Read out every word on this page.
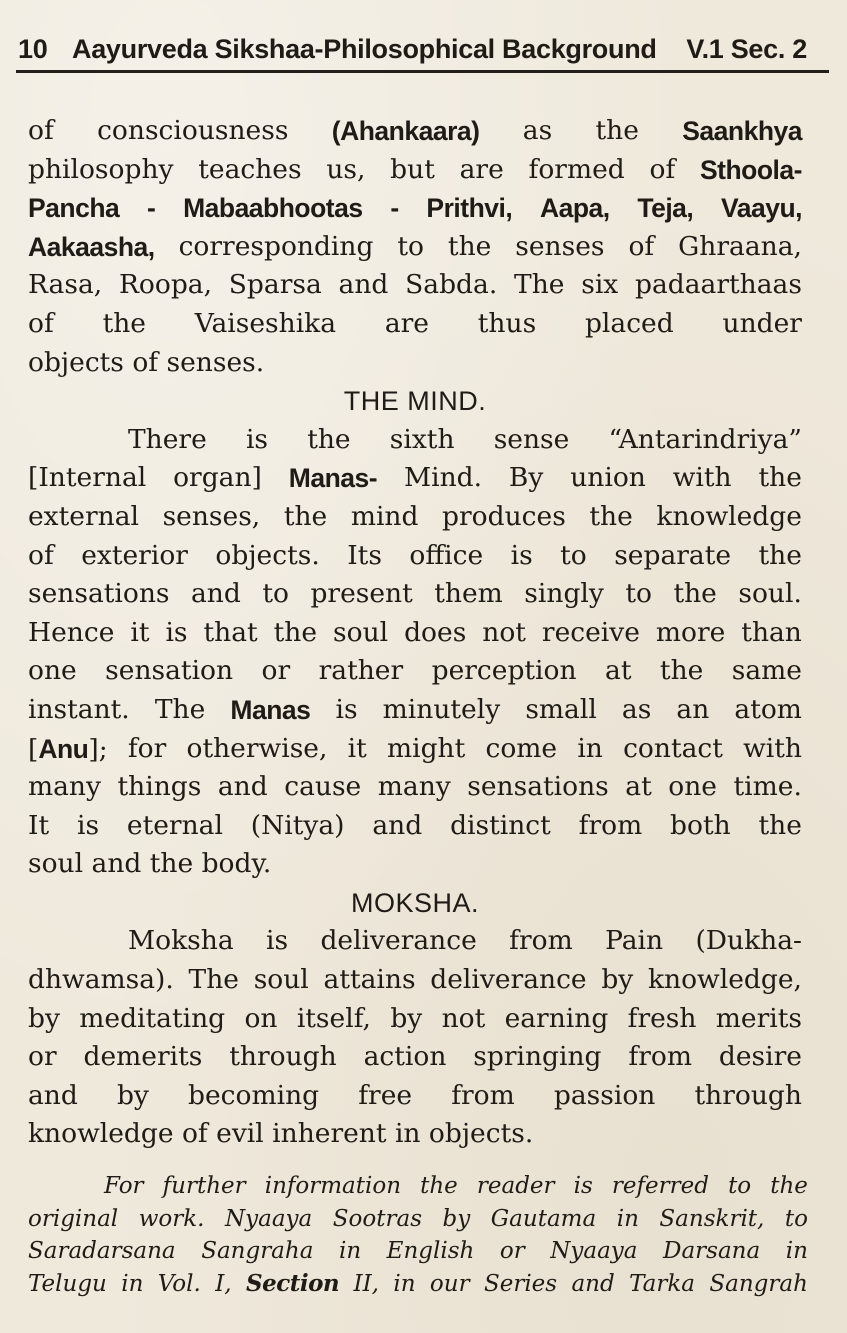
10 Aayurveda Sikshaa-Philosophical Background V.1 Sec. 2
of consciousness (Ahankaara) as the Saankhya
philosophy teaches us, but are formed of Sthoola-
Pancha - Mabaabhootas - Prithvi, Aapa, Teja, Vaayu,
Aakaasha, corresponding to the senses of Ghraana,
Rasa, Roopa, Sparsa and Sabda. The six padaarthaas
of the Vaiseshika are thus placed under
objects of senses.
THE MIND.
There is the sixth sense “Antarindriya”
[Internal organ] Manas- Mind. By union with the
external senses, the mind produces the knowledge
of exterior objects. Its office is to separate the
sensations and to present them singly to the soul.
Hence it is that the soul does not receive more than
one sensation or rather perception at the same
instant. The Manas is minutely small as an atom
[Anu]; for otherwise, it might come in contact with
many things and cause many sensations at one time.
It is eternal (Nitya) and distinct from both the
soul and the body.
MOKSHA.
Moksha is deliverance from Pain (Dukha-
dhwamsa). The soul attains deliverance by knowledge,
by meditating on itself, by not earning fresh merits
or demerits through action springing from desire
and by becoming free from passion through
knowledge of evil inherent in objects.
For further information the reader is referred to the
original work. Nyaaya Sootras by Gautama in Sanskrit, to
Saradarsana Sangraha in English or Nyaaya Darsana in
Telugu in Vol. I, Section II, in our Series and Tarka Sangrah
